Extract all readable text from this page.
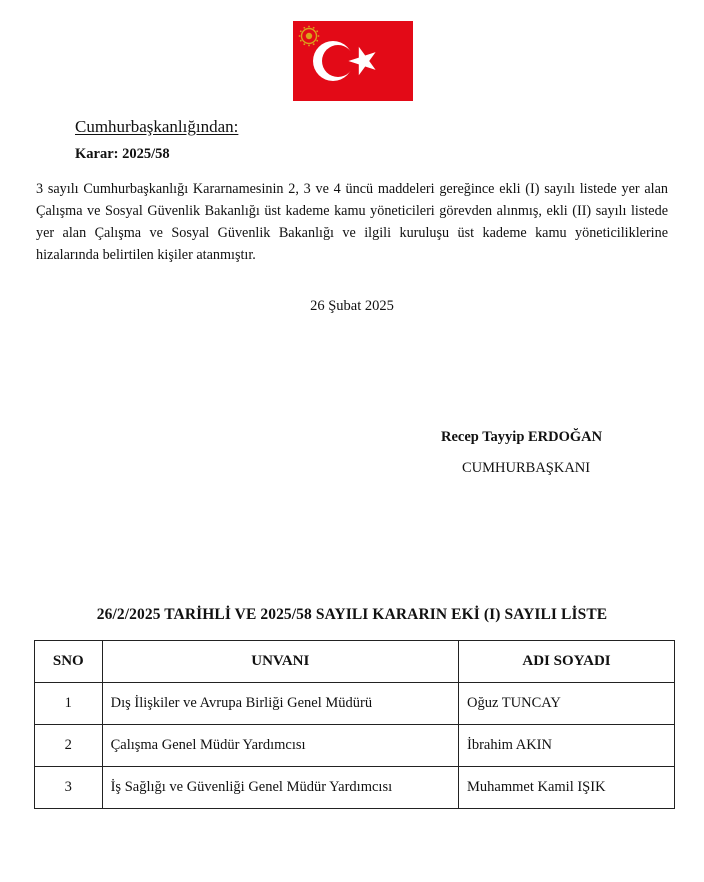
Cumhurbaşkanlığından:
Karar: 2025/58

3 sayılı Cumhurbaşkanlığı Kararnamesinin 2, 3 ve 4 üncü maddeleri gereğince ekli (I) sayılı listede yer alan Çalışma ve Sosyal Güvenlik Bakanlığı üst kademe kamu yöneticileri görevden alınmış, ekli (II) sayılı listede yer alan Çalışma ve Sosyal Güvenlik Bakanlığı ve ilgili kuruluşu üst kademe kamu yöneticiliklerine hizalarında belirtilen kişiler atanmıştır.

26 Şubat 2025
Recep Tayyip ERDOĞAN
CUMHURBAŞKANI
26/2/2025 TARİHLİ VE 2025/58 SAYILI KARARIN EKİ (I) SAYILI LİSTE
SNO	UNVANI	ADI SOYADI
1	Dış İlişkiler ve Avrupa Birliği Genel Müdürü	Oğuz TUNCAY
2	Çalışma Genel Müdür Yardımcısı	İbrahim AKIN
3	İş Sağlığı ve Güvenliği Genel Müdür Yardımcısı	Muhammet Kamil IŞIK
